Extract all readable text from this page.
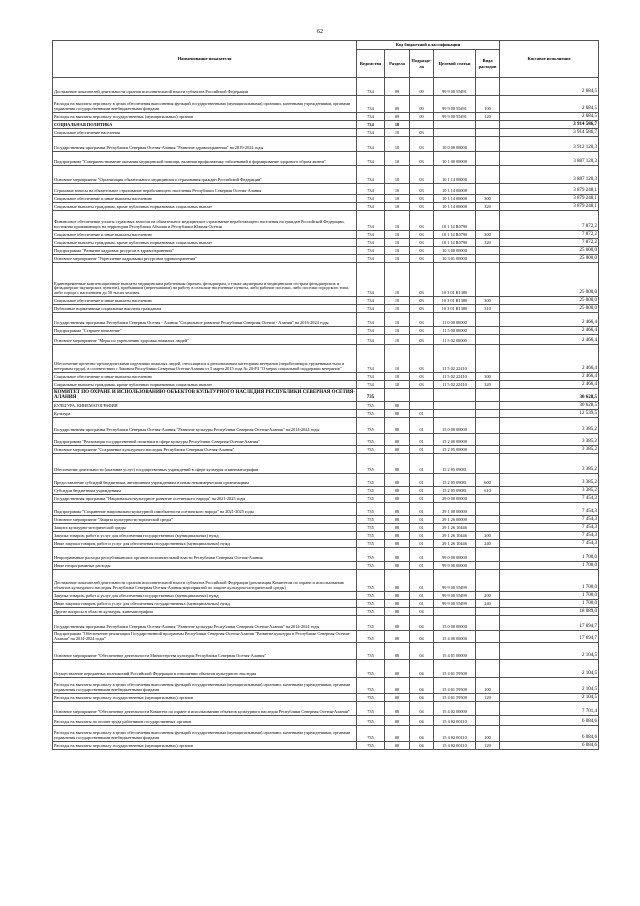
62
Наименование показателя	Код бюджетной классификации					Кассовое исполнение
	Ведомства	Раздела	Подразде-ла	Целевой статьи	Вида расходов	
Достижение показателей деятельности органов исполнительной власти субъектов Российской Федерации	734	09	09	99 9 00 55491		2 684,5
Расходы на выплаты персоналу в целях обеспечения выполнения функций государственными (муниципальными) органами, казенными учреждениями, органами управления государственными внебюджетными фондами	734	09	09	99 9 00 55491	100	2 684,5
Расходы на выплаты персоналу государственных (муниципальных) органов	734	09	09	99 9 00 55491	120	2 684,5
СОЦИАЛЬНАЯ ПОЛИТИКА	734	10				3 914 586,7
Социальное обеспечение населения	734	10	03			3 914 586,7
Государственная программа Республики Северная Осетия-Алания "Развитие здравоохранения" на 2019-2024 годы	734	10	03	10 0 00 00000		3 912 120,3
Подпрограмма "Совершенствование оказания медицинской помощи, включая профилактику заболеваний и формирование здорового образа жизни"	734	10	03	10 1 00 00000		3 887 120,3
Основное мероприятие "Организация обязательного медицинского страхования граждан Российской Федерации"	734	10	03	10 1 14 00000		3 887 120,3
Страховые взносы на обязательное страхование неработающего населения Республики Северная Осетия-Алания	734	10	03	10 1 14 00008		3 879 248,1
Социальное обеспечение и иные выплаты населению	734	10	03	10 1 14 00008	300	3 879 248,1
Социальные выплаты гражданам, кроме публичных нормативных социальных выплат	734	10	03	10 1 14 00008	320	3 879 248,1
Финансовое обеспечение уплаты страховых взносов на обязательное медицинское страхование неработающего населения на граждан Российской Федерации, постоянно проживающих на территории Республики Абхазия и Республики Южная Осетия	734	10	03	10 1 14 R0790		7 872,2
Социальное обеспечение и иные выплаты населению	734	10	03	10 1 14 R0790	300	7 872,2
Социальные выплаты гражданам, кроме публичных нормативных социальных выплат	734	10	03	10 1 14 R0790	320	7 872,2
Подпрограмма "Развитие кадровых ресурсов в здравоохранении"	734	10	03	10 3 00 00000		25 000,0
Основное мероприятие "Укрепление кадровыми ресурсами здравоохранения"	734	10	03	10 3 01 00000		25 000,0
Единовременные компенсационные выплаты медицинским работникам (врачам, фельдшерам, а также акушеркам и медицинским сестрам фельдшерских и фельдшерско-акушерских пунктов), прибывшим (переехавшим) на работу в сельские населенные пункты, либо рабочие поселки, либо поселки городского типа, либо города с населением до 50 тысяч человек	734	10	03	10 3 01 R1380		25 000,0
Социальное обеспечение и иные выплаты населению	734	10	03	10 3 01 R1380	300	25 000,0
Публичные нормативные социальные выплаты гражданам	734	10	03	10 3 01 R1380	310	25 000,0
Государственная программа Республики Северная Осетия - Алания "Социальное развитие Республики Северная Осетия - Алания" на 2016-2024 годы	734	10	03	11 0 00 00000		2 466,4
Подпрограмма "Старшее поколение"	734	10	03	11 5 00 00000		2 466,4
Основное мероприятие "Меры по укреплению здоровья пожилых людей"	734	10	03	11 5 02 00000		2 466,4
Обеспечение протезно-ортопедическими изделиями пожилых людей, относящихся к региональным категориям ветеранов (неработающих труженикам тыла и ветеранам труда), в соответствии с Законом Республики Северная Осетия-Алания от 5 марта 2015 года № 20-РЗ "О мерах социальной поддержки ветеранов"	734	10	03	11 5 02 22410		2 466,4
Социальное обеспечение и иные выплаты населению	734	10	03	11 5 02 22410	300	2 466,4
Социальные выплаты гражданам, кроме публичных нормативных социальных выплат	734	10	03	11 5 02 22410	320	2 466,4
КОМИТЕТ ПО ОХРАНЕ И ИСПОЛЬЗОВАНИЮ ОБЪЕКТОВ КУЛЬТУРНОГО НАСЛЕДИЯ РЕСПУБЛИКИ СЕВЕРНАЯ ОСЕТИЯ-АЛАНИЯ	735					30 628,5
КУЛЬТУРА, КИНЕМАТОГРАФИЯ	735	08				30 628,5
Культура	735	08	01			12 539,5
Государственная программа Республики Северная Осетия-Алания "Развитие культуры Республики Северная Осетия-Алания" на 2014-2024 годы	735	08	01	15 0 00 00000		3 385,2
Подпрограмма "Реализация государственной политики в сфере культуры Республики Северная Осетия-Алания"	735	08	01	15 2 00 00000		3 385,2
Основное мероприятие "Сохранение культурного наследия Республики Северная Осетия-Алания"	735	08	01	15 2 05 00000		3 385,2
Обеспечение деятельности (оказание услуг) государственных учреждений в сфере культуры и кинематографии	735	08	01	15 2 05 09081		3 385,2
Предоставление субсидий бюджетным, автономным учреждениям и иным некоммерческим организациям	735	08	01	15 2 05 09081	600	3 385,2
Субсидии бюджетным учреждениям	735	08	01	15 2 05 09081	610	3 385,2
Государственная программа "Национально-культурное развитие осетинского народа" на 2021-2025 годы	735	08	01	29 0 00 00000		7 454,3
Подпрограмма "Сохранение национально-культурной самобытности осетинского народа" на 2021-2025 годы	735	08	01	29 1 00 00000		7 454,3
Основное мероприятие "Защита культурно-исторической среды"	735	08	01	29 1 26 00000		7 454,3
Защита культурно-исторической среды	735	08	01	29 1 26 10446		7 454,3
Закупка товаров, работ и услуг для обеспечения государственных (муниципальных) нужд	735	08	01	29 1 26 10446	200	7 454,3
Иные закупки товаров, работ и услуг для обеспечения государственных (муниципальных) нужд	735	08	01	29 1 26 10446	240	7 454,3
Непрограммные расходы республиканских органов исполнительной власти Республики Северная Осетия-Алания	735	08	01	99 0 00 00000		1 700,0
Иные непрограммные расходы	735	08	01	99 9 00 00000		1 700,0
Достижение показателей деятельности органов исполнительной власти субъектов Российской Федерации (реализация Комитетом по охране и использованию объектов культурного наследия Республики Северная Осетия-Алания мероприятий по защите культурно-исторической среды)	735	08	01	99 9 00 55499		1 700,0
Закупка товаров, работ и услуг для обеспечения государственных (муниципальных) нужд	735	08	01	99 9 00 55499	200	1 700,0
Иные закупки товаров, работ и услуг для обеспечения государственных (муниципальных) нужд	735	08	01	99 9 00 55499	240	1 700,0
Другие вопросы в области культуры, кинематографии	735	08	04			18 089,0
Государственная программа Республики Северная Осетия-Алания "Развитие культуры Республики Северная Осетия-Алания" на 2014-2024 годы	735	08	04	15 0 00 00000		17 694,7
Подпрограмма "Обеспечение реализации Государственной программы Республики Северная Осетия-Алания "Развитие культуры в Республике Северная Осетия-Алания" на 2014-2024 годы"	735	08	04	15 4 00 00000		17 694,7
Основное мероприятие "Обеспечение деятельности Министерства культуры Республики Северная Осетия-Алания"	735	08	04	15 4 01 00000		2 104,5
Осуществление переданных полномочий Российской Федерации в отношении объектов культурного наследия	735	08	04	15 4 01 59500		2 104,5
Расходы на выплаты персоналу в целях обеспечения выполнения функций государственными (муниципальными) органами, казенными учреждениями, органами управления государственными внебюджетными фондами	735	08	04	15 4 01 59500	100	2 104,5
Расходы на выплаты персоналу государственных (муниципальных) органов	735	08	04	15 4 01 59500	120	2 104,5
Основное мероприятие "Обеспечение деятельности Комитета по охране и использованию объектов культурного наследия Республики Северная Осетия-Алания"	735	08	04	15 4 02 00000		7 701,4
Расходы на выплаты по оплате труда работников государственных органов	735	08	04	15 4 02 00110		6 084,6
Расходы на выплаты персоналу в целях обеспечения выполнения функций государственными (муниципальными) органами, казенными учреждениями, органами управления государственными внебюджетными фондами	735	08	04	15 4 02 00110	100	6 084,6
Расходы на выплаты персоналу государственных (муниципальных) органов	735	08	04	15 4 02 00110	120	6 084,6
